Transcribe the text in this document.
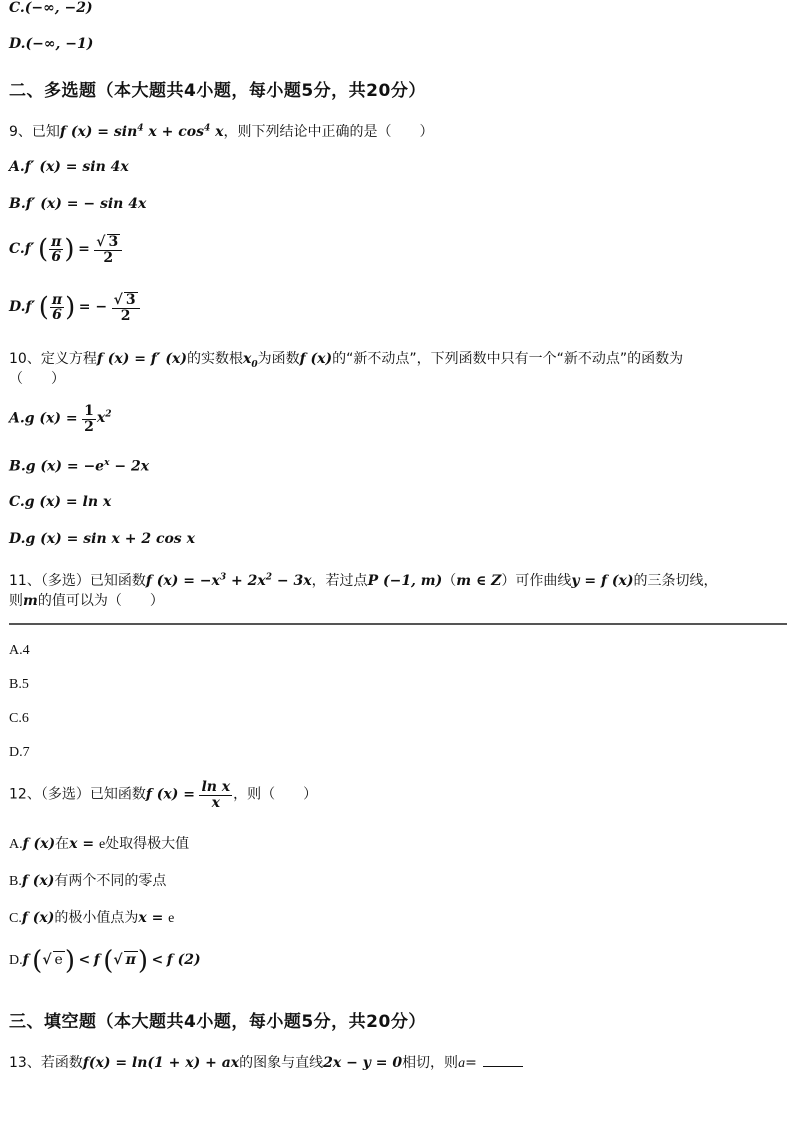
C.(−∞, −2)
D.(−∞, −1)
二、多选题（本大题共4小题，每小题5分，共20分）
9、已知f $(x) = \sin^4 x + \cos^4 x$，则下列结论中正确的是（　　）
A.f′ (x) = sin 4x
B.f′ (x) = − sin 4x
C.f′ ( $\frac{\pi}{6}$ ) = $\frac{√ 3}{2}$
D.f′ ( $\frac{\pi}{6}$ ) = − $\frac{√ 3}{2}$
10、定义方程f (x) = f′ (x)的实数根$x_0$为函数f (x)的“新不动点”，下列函数中只有一个“新不动点”的函数为
（　　）
A.g $(x) = \frac{1}{2} x^2$
B.g $(x) = -e^x - 2x$
C.g (x) = ln x
D.g (x) = sin x + 2 cos x
11、（多选）已知函数f $(x) = -x^3 + 2x^2 - 3x$，若过点P (−1, m)（m ∈ Z）可作曲线y = f (x)的三条切线，
则m的值可以为（　　）
A.4
B.5
C.6
D.7
12、（多选）已知函数f $(x) = \frac{\text{ln x}}{x}$ ，则（　　）
A.f (x)在x = e处取得极大值
B.f (x)有两个不同的零点
C.f (x)的极小值点为x = e
D.f (√ e) < f (√ π) < f (2)
三、填空题（本大题共4小题，每小题5分，共20分）
13、若函数f(x) = ln(1 + x) + ax的图象与直线2x − y = 0相切，则a=
